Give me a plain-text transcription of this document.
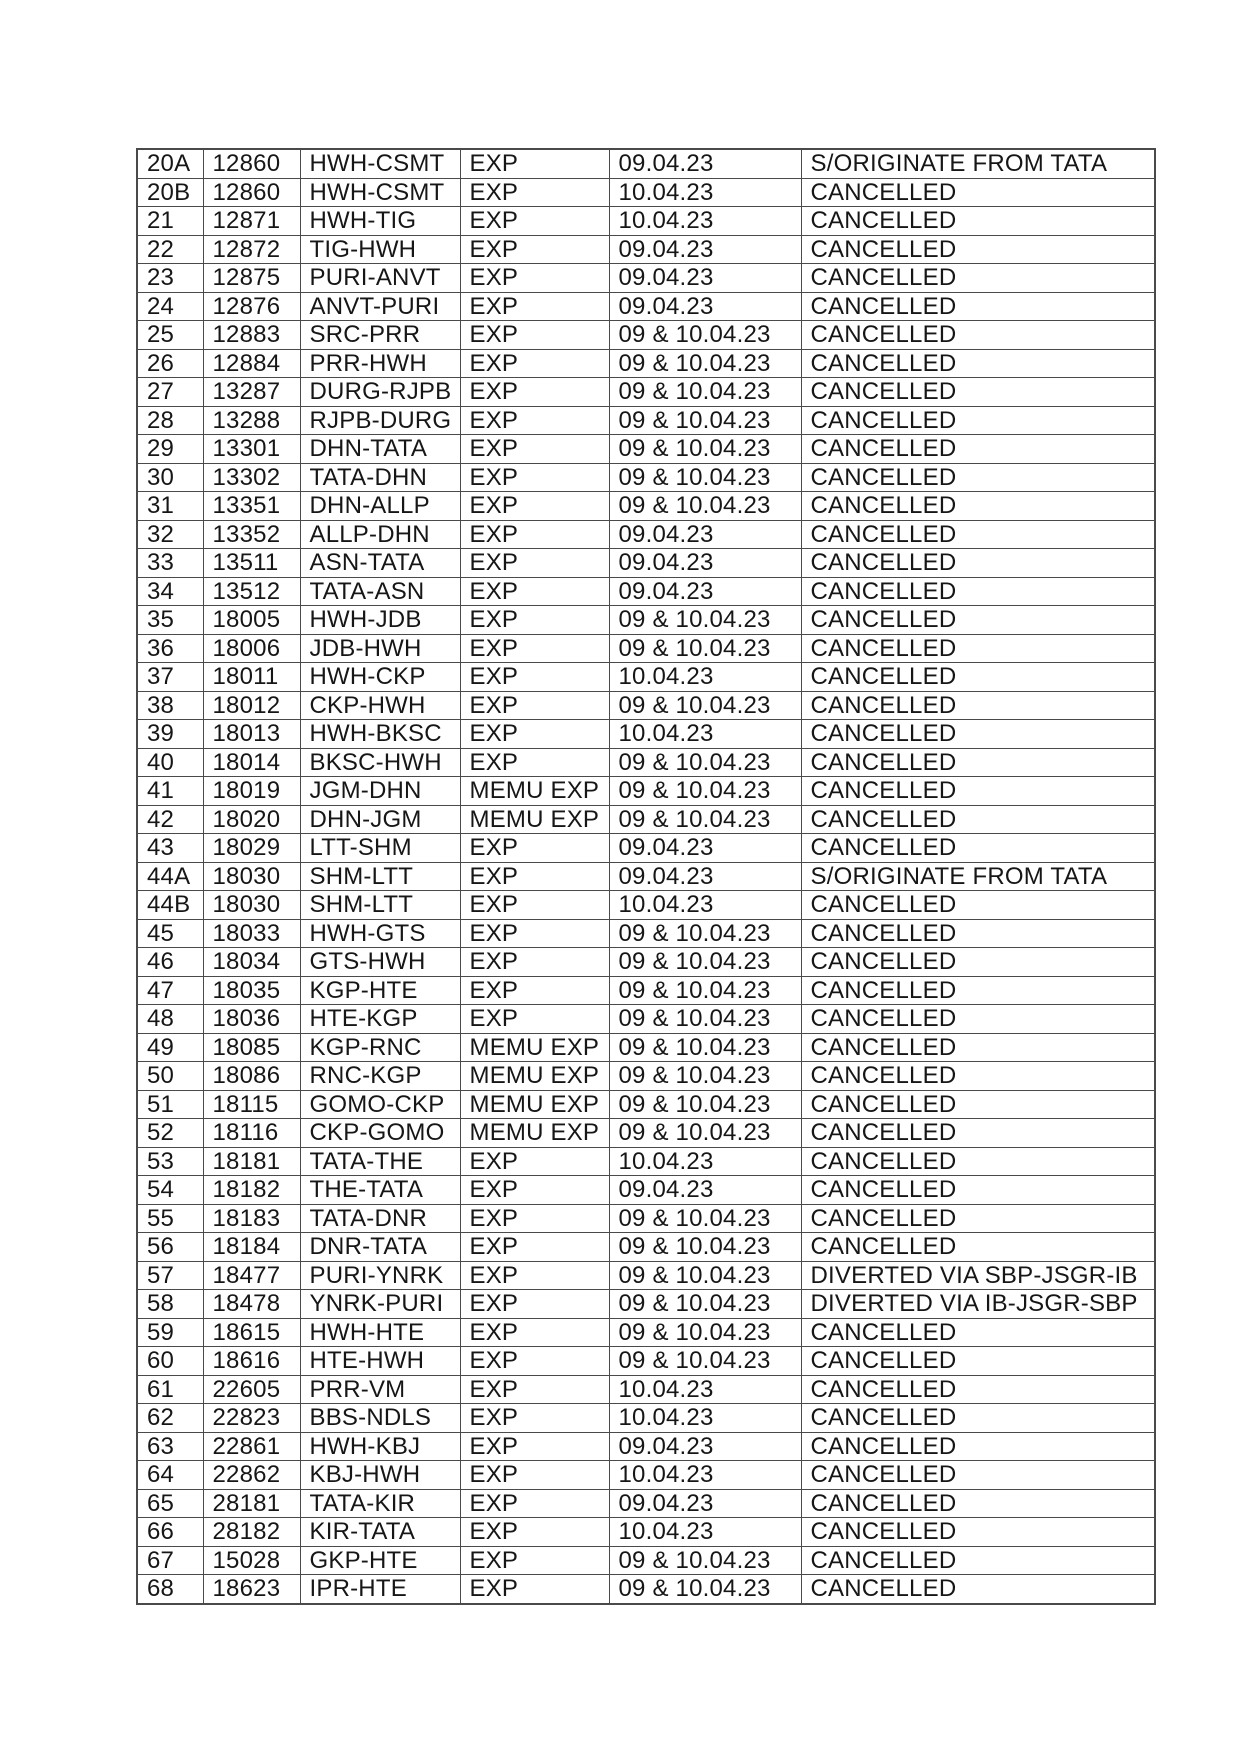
20A	12860	HWH-CSMT	EXP	09.04.23	S/ORIGINATE FROM TATA
20B	12860	HWH-CSMT	EXP	10.04.23	CANCELLED
21	12871	HWH-TIG	EXP	10.04.23	CANCELLED
22	12872	TIG-HWH	EXP	09.04.23	CANCELLED
23	12875	PURI-ANVT	EXP	09.04.23	CANCELLED
24	12876	ANVT-PURI	EXP	09.04.23	CANCELLED
25	12883	SRC-PRR	EXP	09 & 10.04.23	CANCELLED
26	12884	PRR-HWH	EXP	09 & 10.04.23	CANCELLED
27	13287	DURG-RJPB	EXP	09 & 10.04.23	CANCELLED
28	13288	RJPB-DURG	EXP	09 & 10.04.23	CANCELLED
29	13301	DHN-TATA	EXP	09 & 10.04.23	CANCELLED
30	13302	TATA-DHN	EXP	09 & 10.04.23	CANCELLED
31	13351	DHN-ALLP	EXP	09 & 10.04.23	CANCELLED
32	13352	ALLP-DHN	EXP	09.04.23	CANCELLED
33	13511	ASN-TATA	EXP	09.04.23	CANCELLED
34	13512	TATA-ASN	EXP	09.04.23	CANCELLED
35	18005	HWH-JDB	EXP	09 & 10.04.23	CANCELLED
36	18006	JDB-HWH	EXP	09 & 10.04.23	CANCELLED
37	18011	HWH-CKP	EXP	10.04.23	CANCELLED
38	18012	CKP-HWH	EXP	09 & 10.04.23	CANCELLED
39	18013	HWH-BKSC	EXP	10.04.23	CANCELLED
40	18014	BKSC-HWH	EXP	09 & 10.04.23	CANCELLED
41	18019	JGM-DHN	MEMU EXP	09 & 10.04.23	CANCELLED
42	18020	DHN-JGM	MEMU EXP	09 & 10.04.23	CANCELLED
43	18029	LTT-SHM	EXP	09.04.23	CANCELLED
44A	18030	SHM-LTT	EXP	09.04.23	S/ORIGINATE FROM TATA
44B	18030	SHM-LTT	EXP	10.04.23	CANCELLED
45	18033	HWH-GTS	EXP	09 & 10.04.23	CANCELLED
46	18034	GTS-HWH	EXP	09 & 10.04.23	CANCELLED
47	18035	KGP-HTE	EXP	09 & 10.04.23	CANCELLED
48	18036	HTE-KGP	EXP	09 & 10.04.23	CANCELLED
49	18085	KGP-RNC	MEMU EXP	09 & 10.04.23	CANCELLED
50	18086	RNC-KGP	MEMU EXP	09 & 10.04.23	CANCELLED
51	18115	GOMO-CKP	MEMU EXP	09 & 10.04.23	CANCELLED
52	18116	CKP-GOMO	MEMU EXP	09 & 10.04.23	CANCELLED
53	18181	TATA-THE	EXP	10.04.23	CANCELLED
54	18182	THE-TATA	EXP	09.04.23	CANCELLED
55	18183	TATA-DNR	EXP	09 & 10.04.23	CANCELLED
56	18184	DNR-TATA	EXP	09 & 10.04.23	CANCELLED
57	18477	PURI-YNRK	EXP	09 & 10.04.23	DIVERTED VIA SBP-JSGR-IB
58	18478	YNRK-PURI	EXP	09 & 10.04.23	DIVERTED VIA IB-JSGR-SBP
59	18615	HWH-HTE	EXP	09 & 10.04.23	CANCELLED
60	18616	HTE-HWH	EXP	09 & 10.04.23	CANCELLED
61	22605	PRR-VM	EXP	10.04.23	CANCELLED
62	22823	BBS-NDLS	EXP	10.04.23	CANCELLED
63	22861	HWH-KBJ	EXP	09.04.23	CANCELLED
64	22862	KBJ-HWH	EXP	10.04.23	CANCELLED
65	28181	TATA-KIR	EXP	09.04.23	CANCELLED
66	28182	KIR-TATA	EXP	10.04.23	CANCELLED
67	15028	GKP-HTE	EXP	09 & 10.04.23	CANCELLED
68	18623	IPR-HTE	EXP	09 & 10.04.23	CANCELLED
